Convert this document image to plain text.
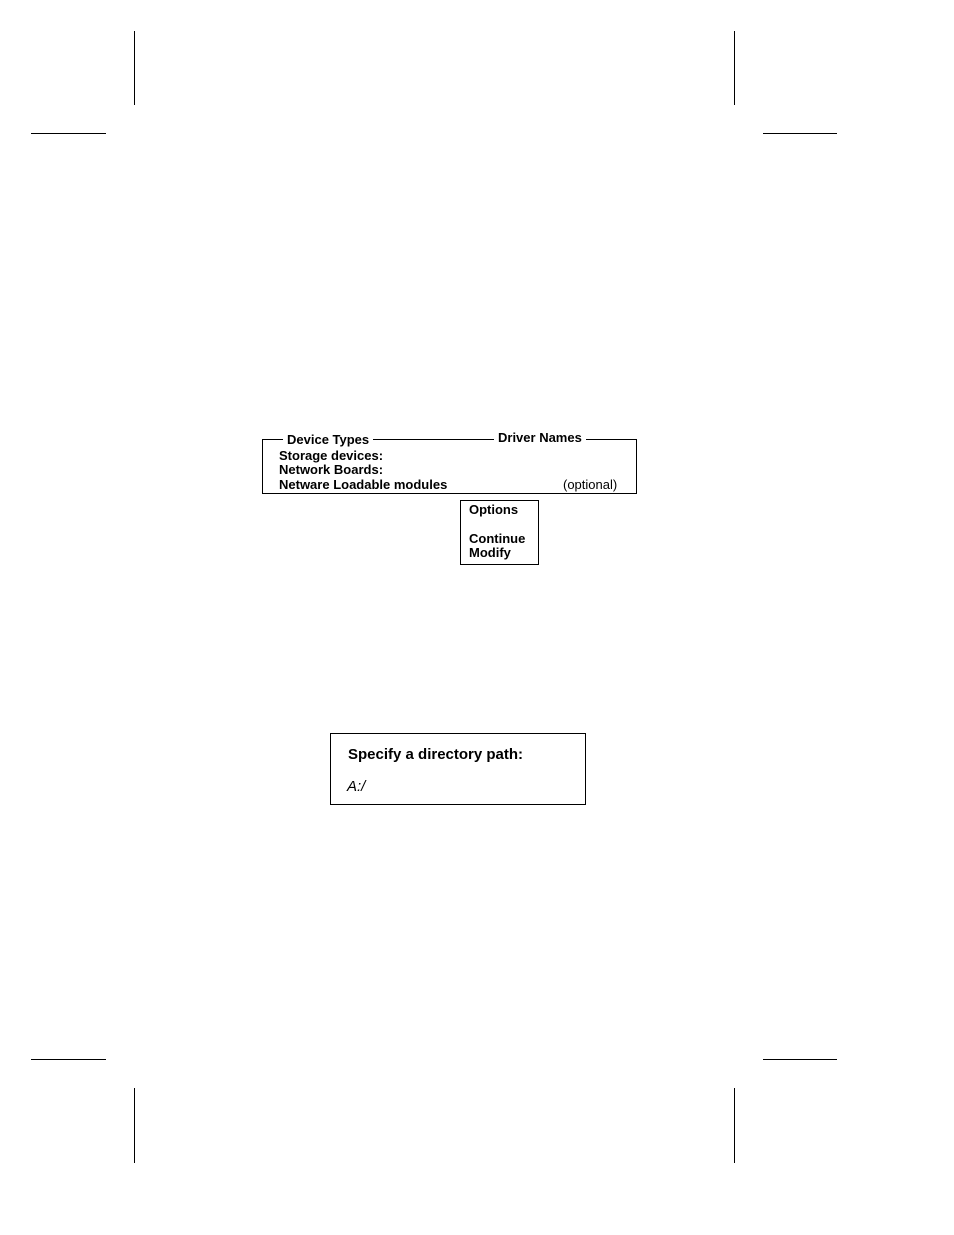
Device Types	Driver Names
Storage devices:
Network Boards:
Netware Loadable modules	(optional)
Options
Continue
Modify
Specify a directory path:
A:/
